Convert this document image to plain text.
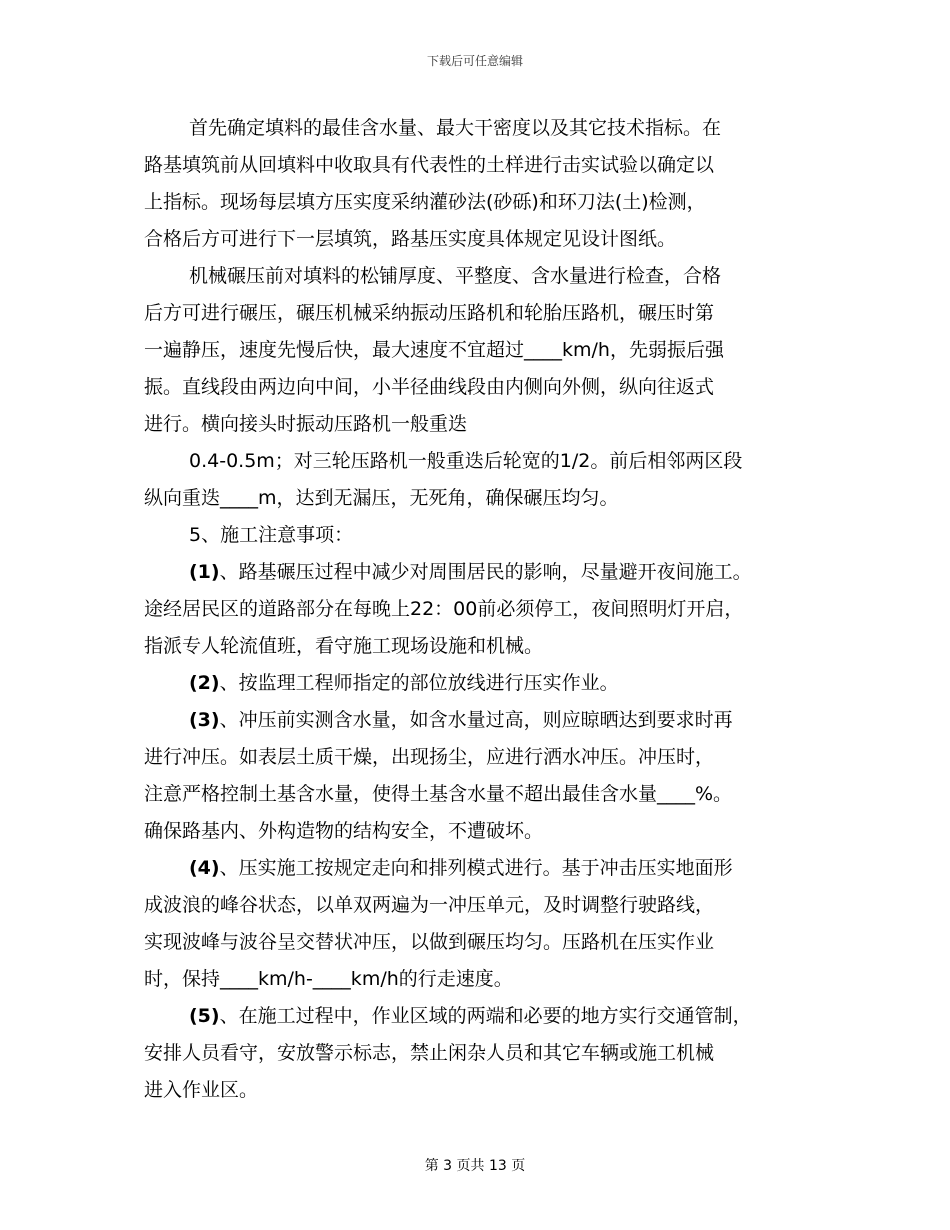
下载后可任意编辑
首先确定填料的最佳含水量、最大干密度以及其它技术指标。在
路基填筑前从回填料中收取具有代表性的土样进行击实试验以确定以
上指标。现场每层填方压实度采纳灌砂法(砂砾)和环刀法(土)检测，
合格后方可进行下一层填筑，路基压实度具体规定见设计图纸。
机械碾压前对填料的松铺厚度、平整度、含水量进行检查，合格
后方可进行碾压，碾压机械采纳振动压路机和轮胎压路机，碾压时第
一遍静压，速度先慢后快，最大速度不宜超过____km/h，先弱振后强
振。直线段由两边向中间，小半径曲线段由内侧向外侧，纵向往返式
进行。横向接头时振动压路机一般重迭
0.4-0.5m；对三轮压路机一般重迭后轮宽的1/2。前后相邻两区段
纵向重迭____m，达到无漏压，无死角，确保碾压均匀。
5、施工注意事项：
(1)、路基碾压过程中减少对周围居民的影响，尽量避开夜间施工。
途经居民区的道路部分在每晚上22：00前必须停工，夜间照明灯开启，
指派专人轮流值班，看守施工现场设施和机械。
(2)、按监理工程师指定的部位放线进行压实作业。
(3)、冲压前实测含水量，如含水量过高，则应晾晒达到要求时再
进行冲压。如表层土质干燥，出现扬尘，应进行洒水冲压。冲压时，
注意严格控制土基含水量，使得土基含水量不超出最佳含水量____%。
确保路基内、外构造物的结构安全，不遭破坏。
(4)、压实施工按规定走向和排列模式进行。基于冲击压实地面形
成波浪的峰谷状态，以单双两遍为一冲压单元，及时调整行驶路线，
实现波峰与波谷呈交替状冲压，以做到碾压均匀。压路机在压实作业
时，保持____km/h-____km/h的行走速度。
(5)、在施工过程中，作业区域的两端和必要的地方实行交通管制，
安排人员看守，安放警示标志，禁止闲杂人员和其它车辆或施工机械
进入作业区。
第 3 页共 13 页
